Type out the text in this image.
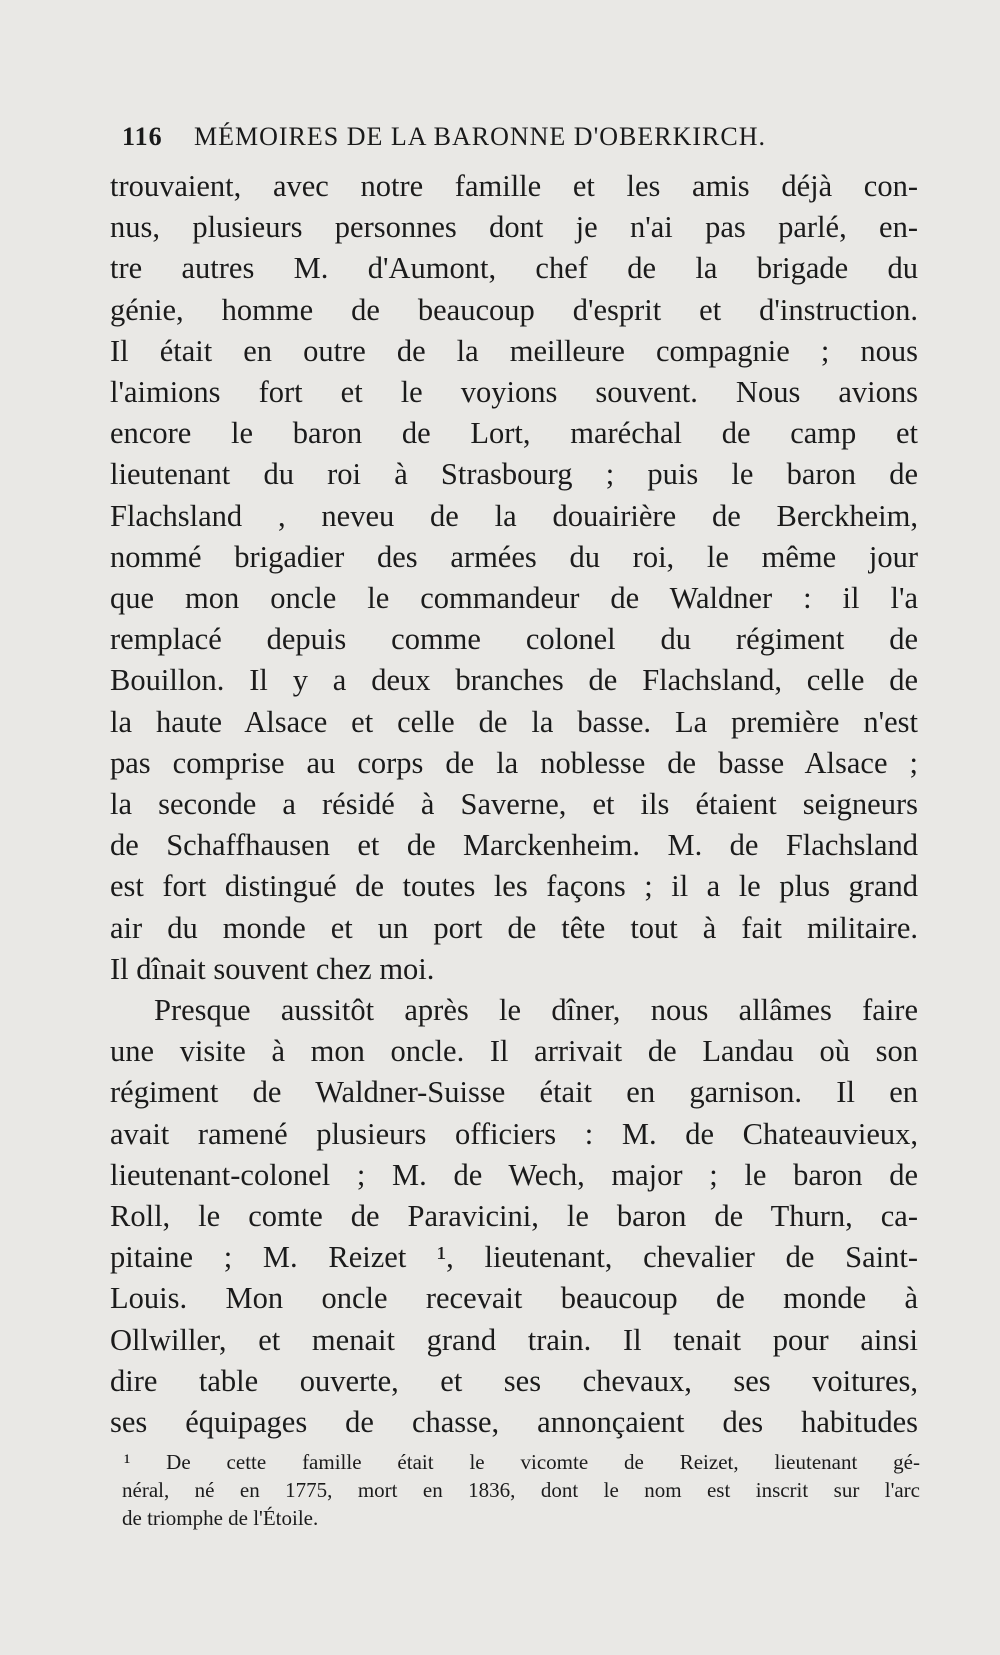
116 MÉMOIRES DE LA BARONNE D'OBERKIRCH.
trouvaient, avec notre famille et les amis déjà con-
nus, plusieurs personnes dont je n'ai pas parlé, en-
tre autres M. d'Aumont, chef de la brigade du
génie, homme de beaucoup d'esprit et d'instruction.
Il était en outre de la meilleure compagnie ; nous
l'aimions fort et le voyions souvent. Nous avions
encore le baron de Lort, maréchal de camp et
lieutenant du roi à Strasbourg ; puis le baron de
Flachsland , neveu de la douairière de Berckheim,
nommé brigadier des armées du roi, le même jour
que mon oncle le commandeur de Waldner : il l'a
remplacé depuis comme colonel du régiment de
Bouillon. Il y a deux branches de Flachsland, celle de
la haute Alsace et celle de la basse. La première n'est
pas comprise au corps de la noblesse de basse Alsace ;
la seconde a résidé à Saverne, et ils étaient seigneurs
de Schaffhausen et de Marckenheim. M. de Flachsland
est fort distingué de toutes les façons ; il a le plus grand
air du monde et un port de tête tout à fait militaire.
Il dînait souvent chez moi.
Presque aussitôt après le dîner, nous allâmes faire
une visite à mon oncle. Il arrivait de Landau où son
régiment de Waldner-Suisse était en garnison. Il en
avait ramené plusieurs officiers : M. de Chateauvieux,
lieutenant-colonel ; M. de Wech, major ; le baron de
Roll, le comte de Paravicini, le baron de Thurn, ca-
pitaine ; M. Reizet ¹, lieutenant, chevalier de Saint-
Louis. Mon oncle recevait beaucoup de monde à
Ollwiller, et menait grand train. Il tenait pour ainsi
dire table ouverte, et ses chevaux, ses voitures,
ses équipages de chasse, annonçaient des habitudes
¹ De cette famille était le vicomte de Reizet, lieutenant gé-
néral, né en 1775, mort en 1836, dont le nom est inscrit sur l'arc
de triomphe de l'Étoile.
